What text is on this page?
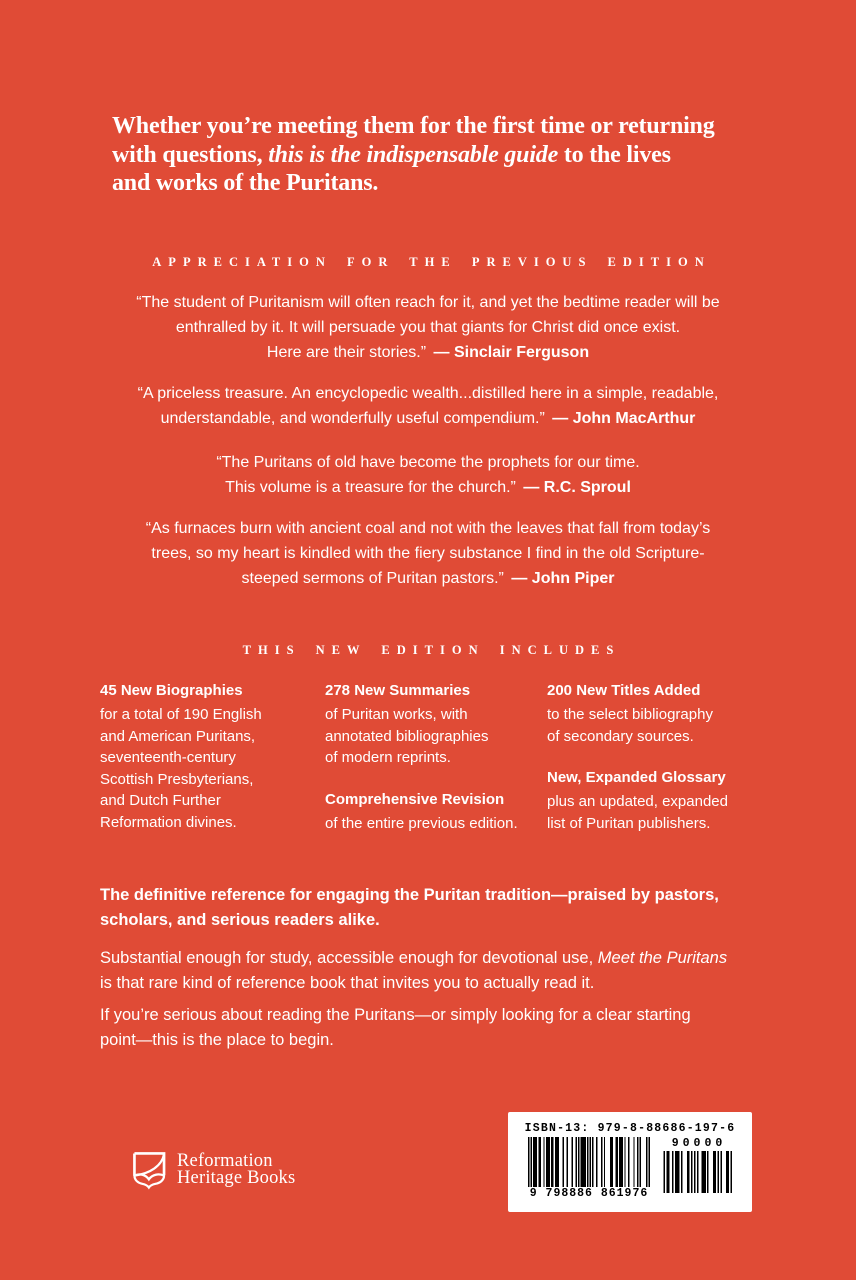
Whether you’re meeting them for the first time or returning
with questions, this is the indispensable guide to the lives
and works of the Puritans.
APPRECIATION FOR THE PREVIOUS EDITION
“The student of Puritanism will often reach for it, and yet the bedtime reader will be
enthralled by it. It will persuade you that giants for Christ did once exist.
Here are their stories.” — Sinclair Ferguson
“A priceless treasure. An encyclopedic wealth...distilled here in a simple, readable,
understandable, and wonderfully useful compendium.” — John MacArthur
“The Puritans of old have become the prophets for our time.
This volume is a treasure for the church.” — R.C. Sproul
“As furnaces burn with ancient coal and not with the leaves that fall from today’s
trees, so my heart is kindled with the fiery substance I find in the old Scripture-
steeped sermons of Puritan pastors.” — John Piper
THIS NEW EDITION INCLUDES
45 New Biographies
for a total of 190 English
and American Puritans,
seventeenth-century
Scottish Presbyterians,
and Dutch Further
Reformation divines.
278 New Summaries
of Puritan works, with
annotated bibliographies
of modern reprints.
Comprehensive Revision
of the entire previous edition.
200 New Titles Added
to the select bibliography
of secondary sources.
New, Expanded Glossary
plus an updated, expanded
list of Puritan publishers.
The definitive reference for engaging the Puritan tradition—praised by pastors,
scholars, and serious readers alike.
Substantial enough for study, accessible enough for devotional use, Meet the Puritans
is that rare kind of reference book that invites you to actually read it.
If you’re serious about reading the Puritans—or simply looking for a clear starting
point—this is the place to begin.
Reformation
Heritage Books
ISBN-13: 979-8-88686-197-6
9 798886 861976
90000
